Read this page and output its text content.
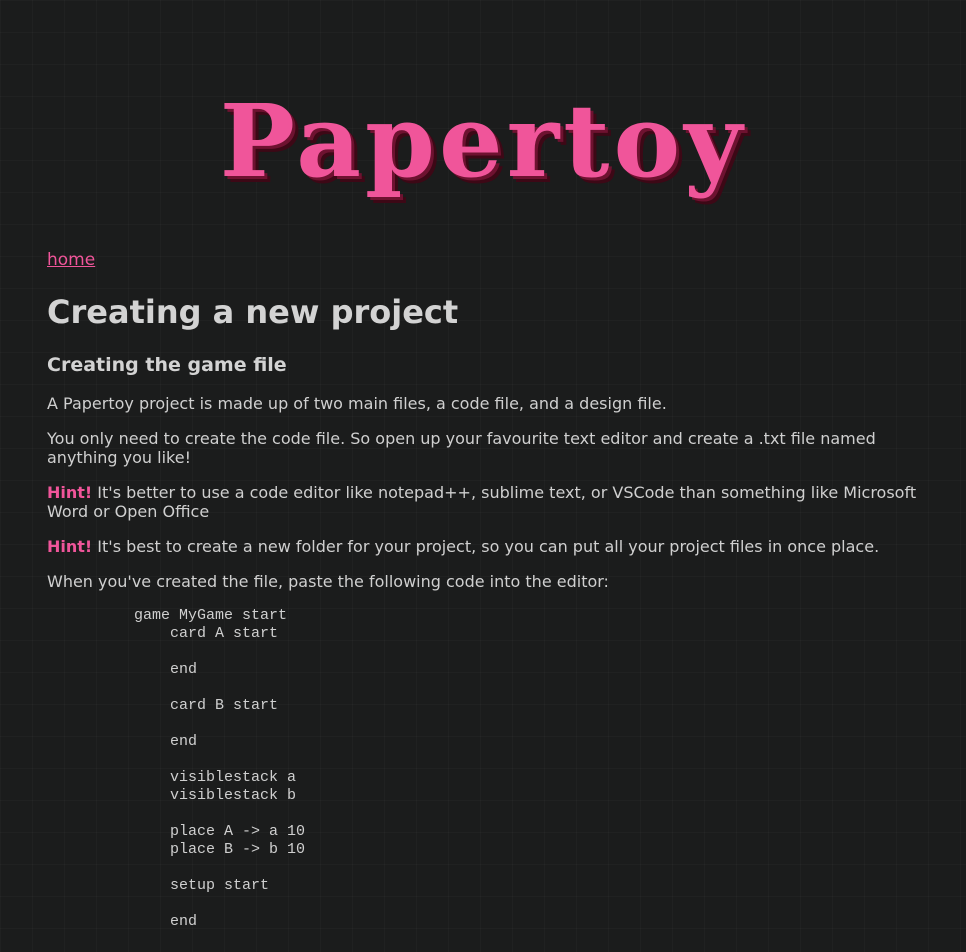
Papertoy
home
Creating a new project
Creating the game file

A Papertoy project is made up of two main files, a code file, and a design file.

You only need to create the code file. So open up your favourite text editor and create a .txt file named anything you like!

Hint! It's better to use a code editor like notepad++, sublime text, or VSCode than something like Microsoft Word or Open Office

Hint! It's best to create a new folder for your project, so you can put all your project files in once place.

When you've created the file, paste the following code into the editor:

game MyGame start
card A start

end

card B start

end

visiblestack a
visiblestack b

place A -> a 10
place B -> b 10

setup start

end
